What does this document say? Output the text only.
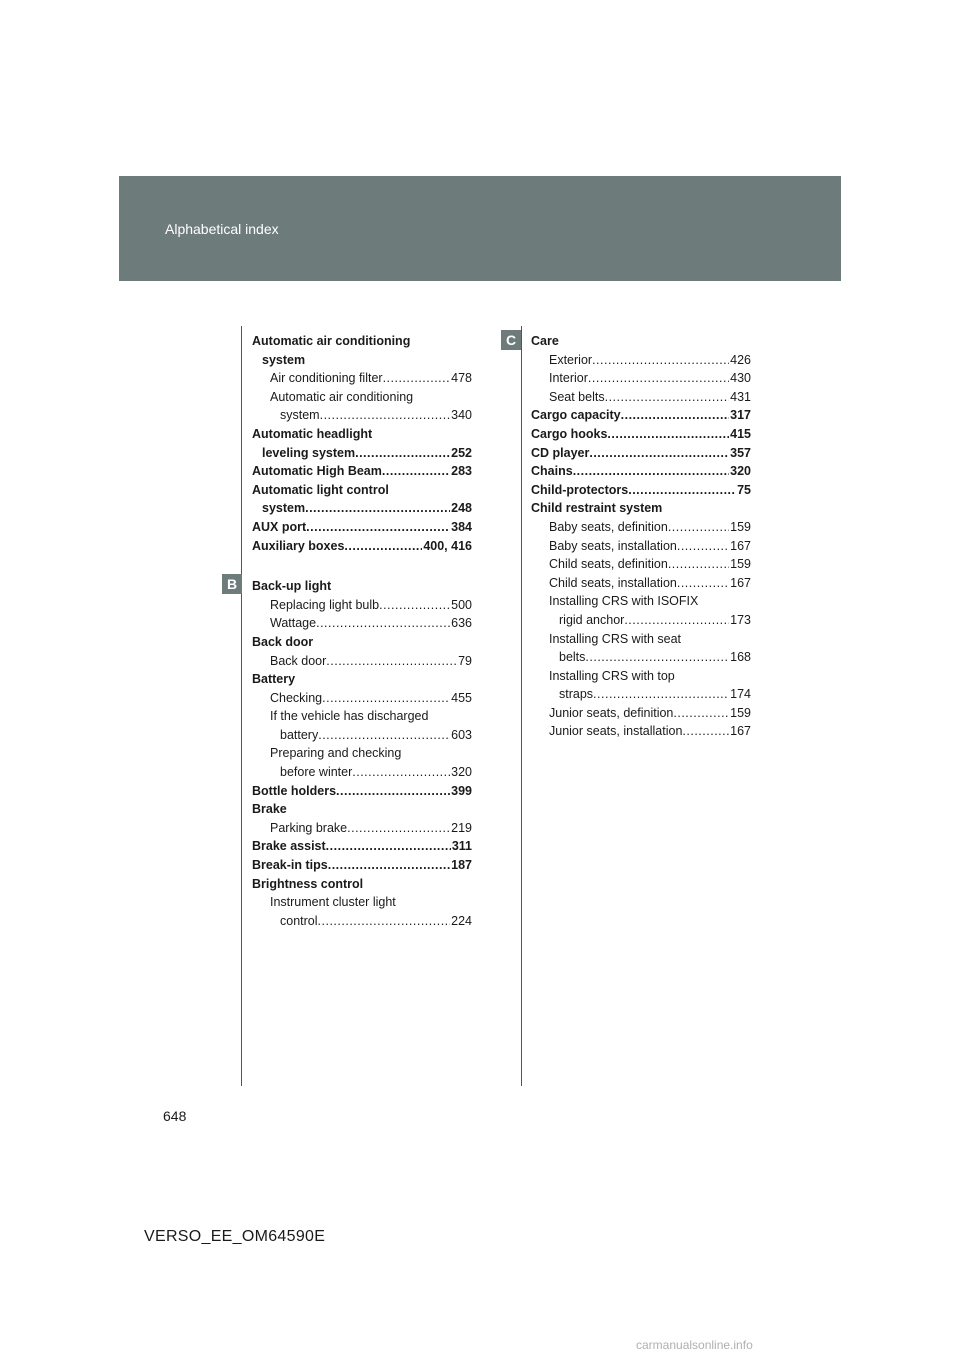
Alphabetical index
B
C
Automatic air conditioning
system
Air conditioning filter .....	478
Automatic air conditioning
system .....	340
Automatic headlight
leveling system .....	252
Automatic High Beam .....	283
Automatic light control
system .....	248
AUX port .....	384
Auxiliary boxes .....	400, 416
Back-up light
Replacing light bulb .....	500
Wattage .....	636
Back door
Back door .....	79
Battery
Checking .....	455
If the vehicle has discharged
battery .....	603
Preparing and checking
before winter .....	320
Bottle holders .....	399
Brake
Parking brake .....	219
Brake assist .....	311
Break-in tips .....	187
Brightness control
Instrument cluster light
control .....	224
Care
Exterior .....	426
Interior .....	430
Seat belts .....	431
Cargo capacity .....	317
Cargo hooks .....	415
CD player .....	357
Chains .....	320
Child-protectors .....	75
Child restraint system
Baby seats, definition .....	159
Baby seats, installation .....	167
Child seats, definition .....	159
Child seats, installation .....	167
Installing CRS with ISOFIX
rigid anchor .....	173
Installing CRS with seat
belts .....	168
Installing CRS with top
straps .....	174
Junior seats, definition .....	159
Junior seats, installation .....	167
648
VERSO_EE_OM64590E
carmanualsonline.info
